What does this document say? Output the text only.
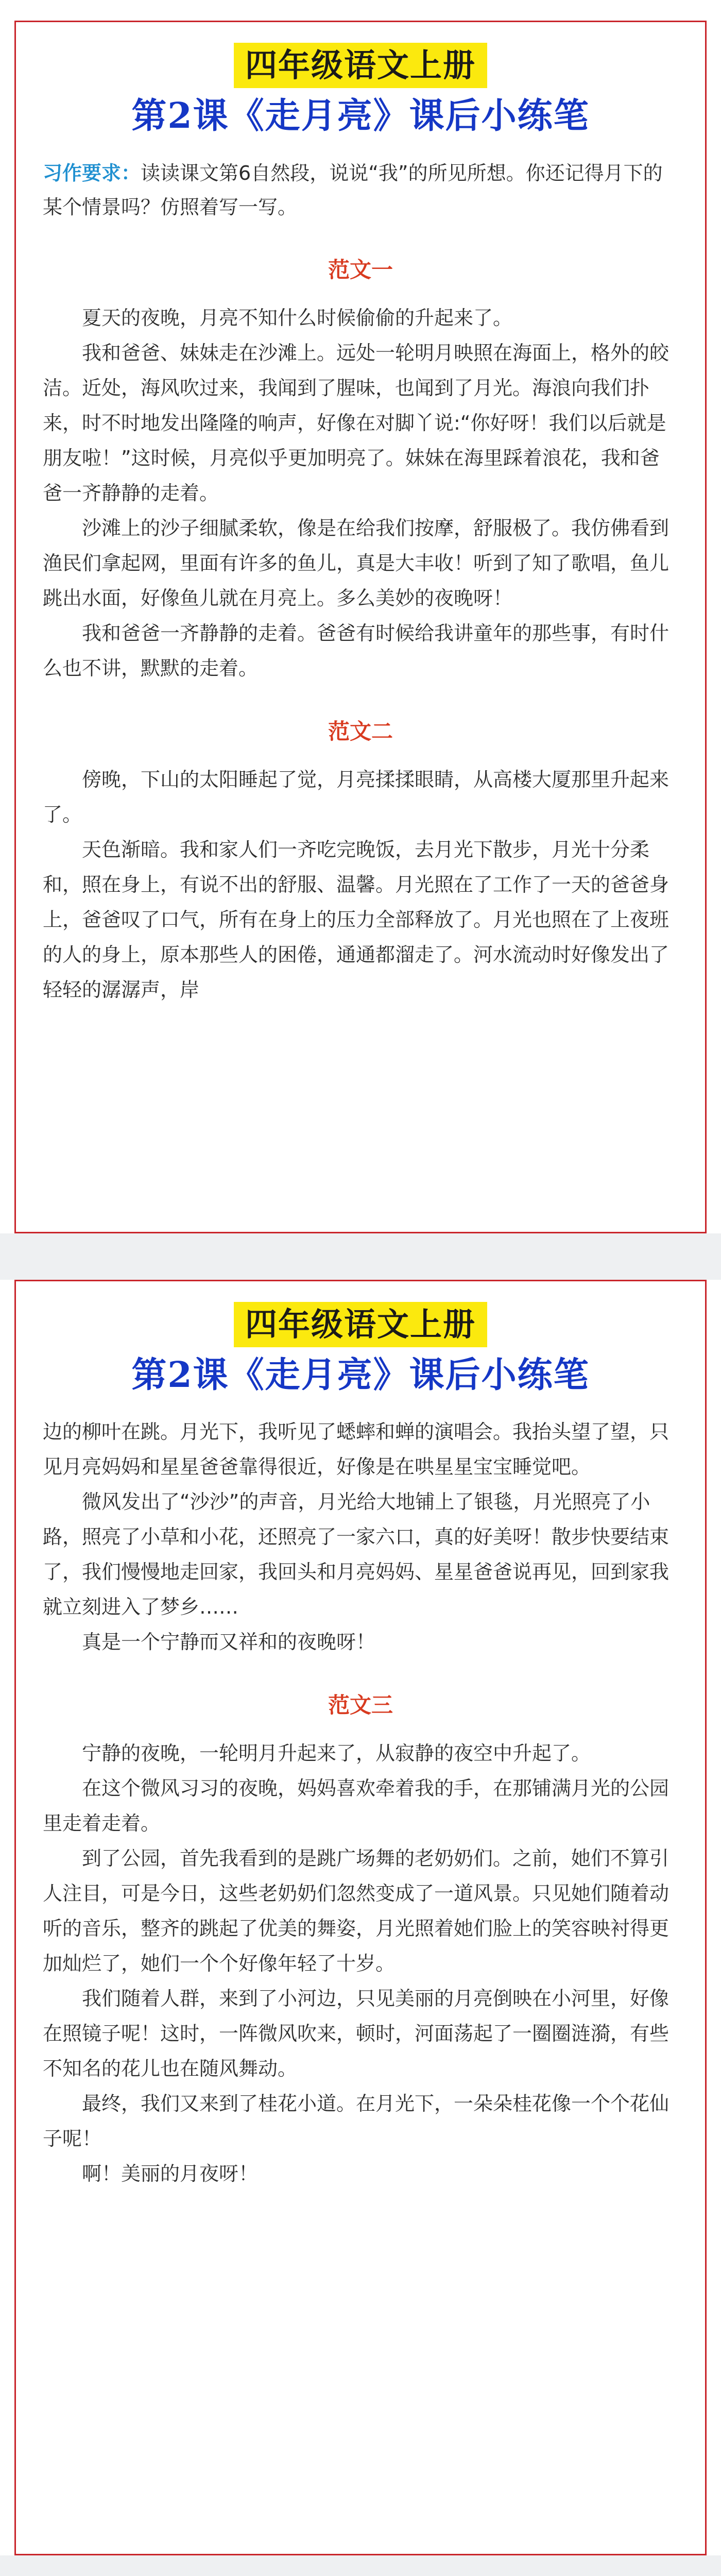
四年级语文上册
第2课《走月亮》课后小练笔
习作要求：读读课文第6自然段，说说“我”的所见所想。你还记得月下的某个情景吗？仿照着写一写。
范文一

夏天的夜晚，月亮不知什么时候偷偷的升起来了。

我和爸爸、妹妹走在沙滩上。远处一轮明月映照在海面上，格外的皎洁。近处，海风吹过来，我闻到了腥味，也闻到了月光。海浪向我们扑来，时不时地发出隆隆的响声，好像在对脚丫说:“你好呀！我们以后就是朋友啦！”这时候，月亮似乎更加明亮了。妹妹在海里踩着浪花，我和爸爸一齐静静的走着。

沙滩上的沙子细腻柔软，像是在给我们按摩，舒服极了。我仿佛看到渔民们拿起网，里面有许多的鱼儿，真是大丰收！听到了知了歌唱，鱼儿跳出水面，好像鱼儿就在月亮上。多么美妙的夜晚呀！

我和爸爸一齐静静的走着。爸爸有时候给我讲童年的那些事，有时什么也不讲，默默的走着。

范文二

傍晚，下山的太阳睡起了觉，月亮揉揉眼睛，从高楼大厦那里升起来了。

天色渐暗。我和家人们一齐吃完晚饭，去月光下散步，月光十分柔和，照在身上，有说不出的舒服、温馨。月光照在了工作了一天的爸爸身上，爸爸叹了口气，所有在身上的压力全部释放了。月光也照在了上夜班的人的身上，原本那些人的困倦，通通都溜走了。河水流动时好像发出了轻轻的潺潺声，岸

四年级语文上册
第2课《走月亮》课后小练笔

边的柳叶在跳。月光下，我听见了蟋蟀和蝉的演唱会。我抬头望了望，只见月亮妈妈和星星爸爸靠得很近，好像是在哄星星宝宝睡觉吧。

微风发出了“沙沙”的声音，月光给大地铺上了银毯，月光照亮了小路，照亮了小草和小花，还照亮了一家六口，真的好美呀！散步快要结束了，我们慢慢地走回家，我回头和月亮妈妈、星星爸爸说再见，回到家我就立刻进入了梦乡……

真是一个宁静而又祥和的夜晚呀！

范文三

宁静的夜晚，一轮明月升起来了，从寂静的夜空中升起了。

在这个微风习习的夜晚，妈妈喜欢牵着我的手，在那铺满月光的公园里走着走着。

到了公园，首先我看到的是跳广场舞的老奶奶们。之前，她们不算引人注目，可是今日，这些老奶奶们忽然变成了一道风景。只见她们随着动听的音乐，整齐的跳起了优美的舞姿，月光照着她们脸上的笑容映衬得更加灿烂了，她们一个个好像年轻了十岁。

我们随着人群，来到了小河边，只见美丽的月亮倒映在小河里，好像在照镜子呢！这时，一阵微风吹来，顿时，河面荡起了一圈圈涟漪，有些不知名的花儿也在随风舞动。

最终，我们又来到了桂花小道。在月光下，一朵朵桂花像一个个花仙子呢！

啊！美丽的月夜呀！
